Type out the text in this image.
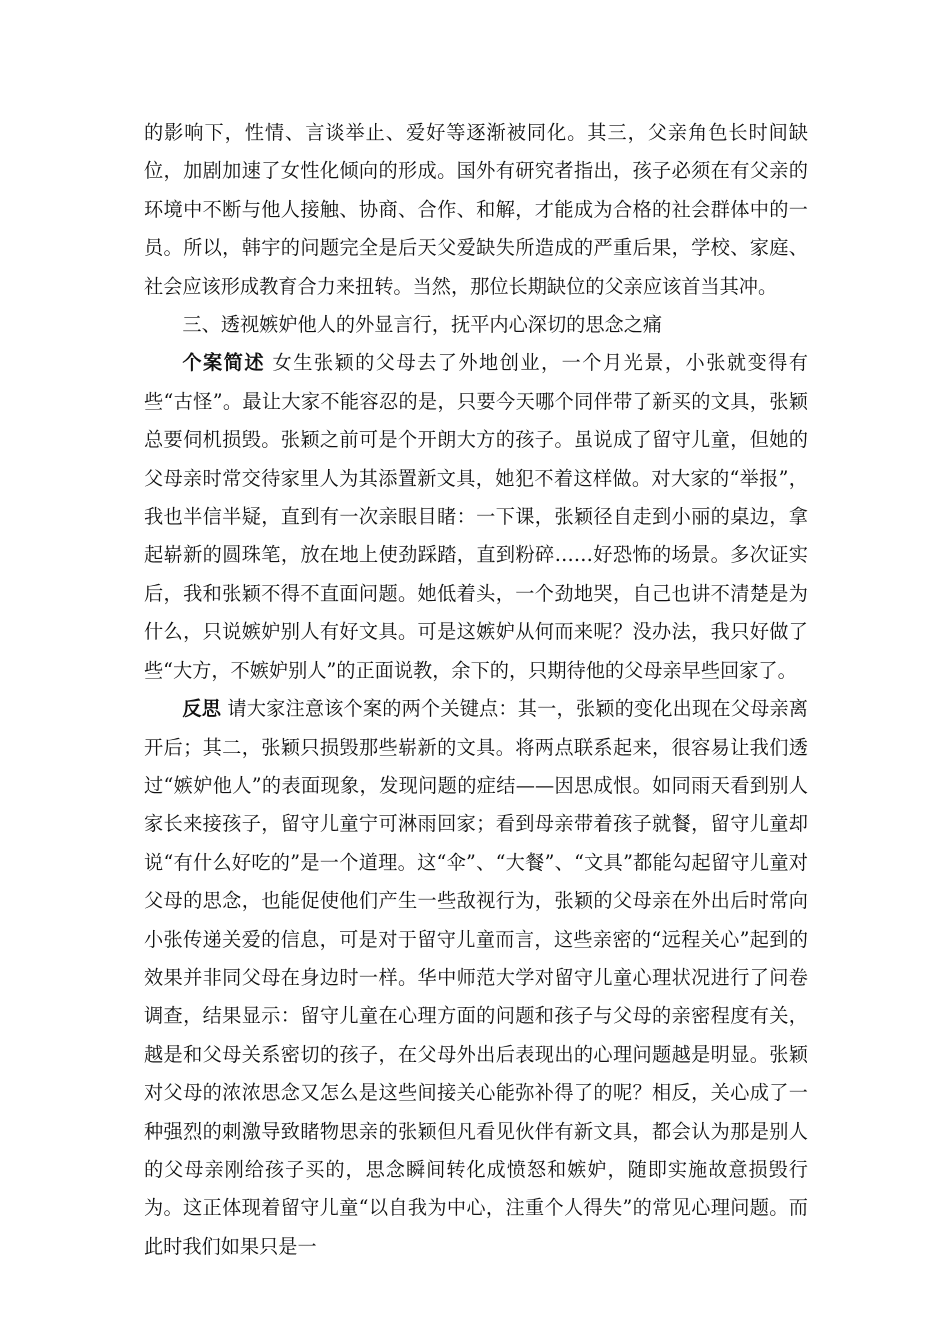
的影响下，性情、言谈举止、爱好等逐渐被同化。其三，父亲角色长时间缺位，加剧加速了女性化倾向的形成。国外有研究者指出，孩子必须在有父亲的环境中不断与他人接触、协商、合作、和解，才能成为合格的社会群体中的一员。所以，韩宇的问题完全是后天父爱缺失所造成的严重后果，学校、家庭、社会应该形成教育合力来扭转。当然，那位长期缺位的父亲应该首当其冲。

三、透视嫉妒他人的外显言行，抚平内心深切的思念之痛

个案简述 女生张颖的父母去了外地创业，一个月光景，小张就变得有些“古怪”。最让大家不能容忍的是，只要今天哪个同伴带了新买的文具，张颖总要伺机损毁。张颖之前可是个开朗大方的孩子。虽说成了留守儿童，但她的父母亲时常交待家里人为其添置新文具，她犯不着这样做。对大家的“举报”，我也半信半疑，直到有一次亲眼目睹：一下课，张颖径自走到小丽的桌边，拿起崭新的圆珠笔，放在地上使劲踩踏，直到粉碎……好恐怖的场景。多次证实后，我和张颖不得不直面问题。她低着头，一个劲地哭，自己也讲不清楚是为什么，只说嫉妒别人有好文具。可是这嫉妒从何而来呢？没办法，我只好做了些“大方，不嫉妒别人”的正面说教，余下的，只期待他的父母亲早些回家了。

反思 请大家注意该个案的两个关键点：其一，张颖的变化出现在父母亲离开后；其二，张颖只损毁那些崭新的文具。将两点联系起来，很容易让我们透过“嫉妒他人”的表面现象，发现问题的症结——因思成恨。如同雨天看到别人家长来接孩子，留守儿童宁可淋雨回家；看到母亲带着孩子就餐，留守儿童却说“有什么好吃的”是一个道理。这“伞”、“大餐”、“文具”都能勾起留守儿童对父母的思念，也能促使他们产生一些敌视行为，张颖的父母亲在外出后时常向小张传递关爱的信息，可是对于留守儿童而言，这些亲密的“远程关心”起到的效果并非同父母在身边时一样。华中师范大学对留守儿童心理状况进行了问卷调查，结果显示：留守儿童在心理方面的问题和孩子与父母的亲密程度有关，越是和父母关系密切的孩子，在父母外出后表现出的心理问题越是明显。张颖对父母的浓浓思念又怎么是这些间接关心能弥补得了的呢？相反，关心成了一种强烈的刺激导致睹物思亲的张颖但凡看见伙伴有新文具，都会认为那是别人的父母亲刚给孩子买的，思念瞬间转化成愤怒和嫉妒，随即实施故意损毁行为。这正体现着留守儿童“以自我为中心，注重个人得失”的常见心理问题。而此时我们如果只是一
